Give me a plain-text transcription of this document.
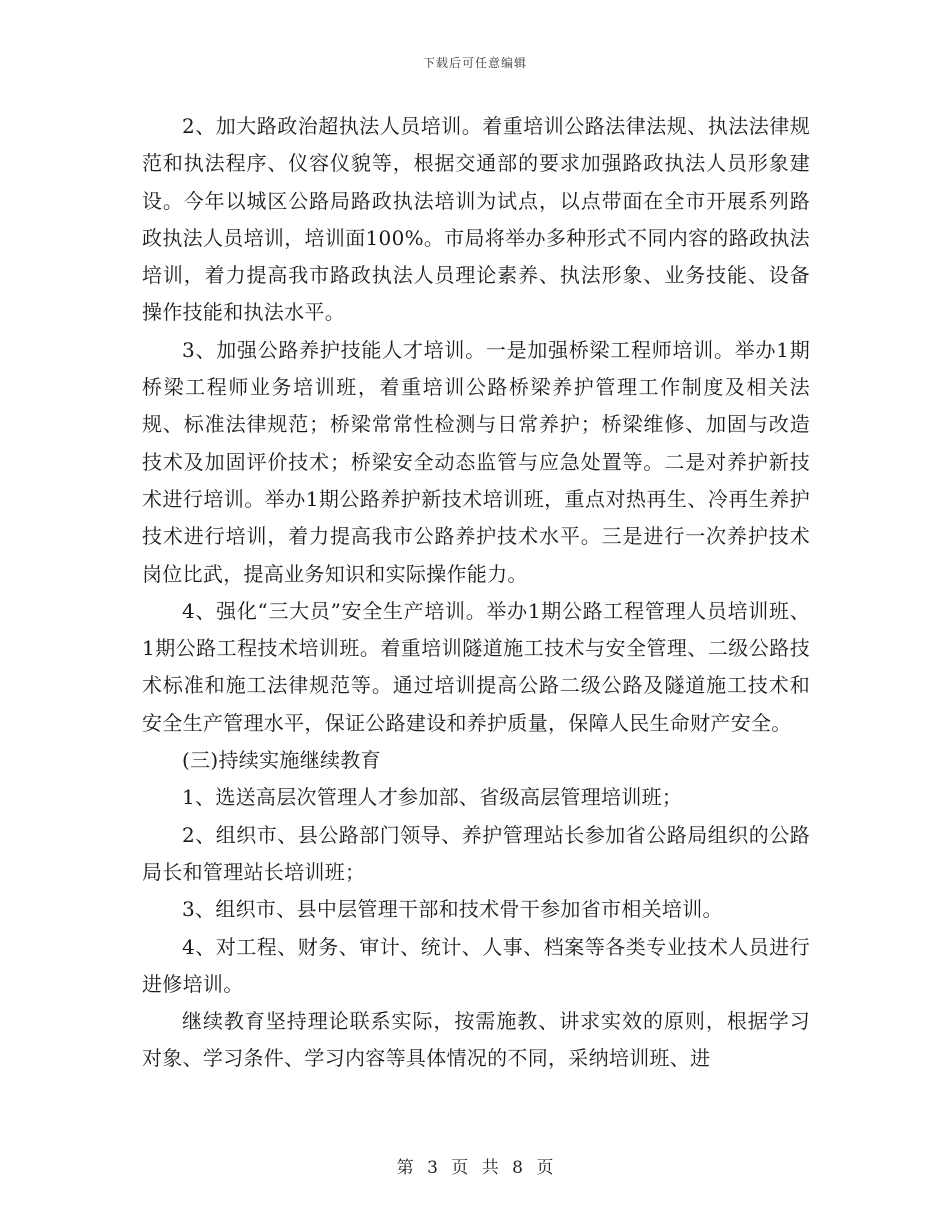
下载后可任意编辑

2、加大路政治超执法人员培训。着重培训公路法律法规、执法法律规范和执法程序、仪容仪貌等，根据交通部的要求加强路政执法人员形象建设。今年以城区公路局路政执法培训为试点，以点带面在全市开展系列路政执法人员培训，培训面100%。市局将举办多种形式不同内容的路政执法培训，着力提高我市路政执法人员理论素养、执法形象、业务技能、设备操作技能和执法水平。

3、加强公路养护技能人才培训。一是加强桥梁工程师培训。举办1期桥梁工程师业务培训班，着重培训公路桥梁养护管理工作制度及相关法规、标准法律规范；桥梁常常性检测与日常养护；桥梁维修、加固与改造技术及加固评价技术；桥梁安全动态监管与应急处置等。二是对养护新技术进行培训。举办1期公路养护新技术培训班，重点对热再生、冷再生养护技术进行培训，着力提高我市公路养护技术水平。三是进行一次养护技术岗位比武，提高业务知识和实际操作能力。

4、强化“三大员”安全生产培训。举办1期公路工程管理人员培训班、1期公路工程技术培训班。着重培训隧道施工技术与安全管理、二级公路技术标准和施工法律规范等。通过培训提高公路二级公路及隧道施工技术和安全生产管理水平，保证公路建设和养护质量，保障人民生命财产安全。

(三)持续实施继续教育

1、选送高层次管理人才参加部、省级高层管理培训班；

2、组织市、县公路部门领导、养护管理站长参加省公路局组织的公路局长和管理站长培训班；

3、组织市、县中层管理干部和技术骨干参加省市相关培训。

4、对工程、财务、审计、统计、人事、档案等各类专业技术人员进行进修培训。

继续教育坚持理论联系实际，按需施教、讲求实效的原则，根据学习对象、学习条件、学习内容等具体情况的不同，采纳培训班、进

第 3 页 共 8 页
